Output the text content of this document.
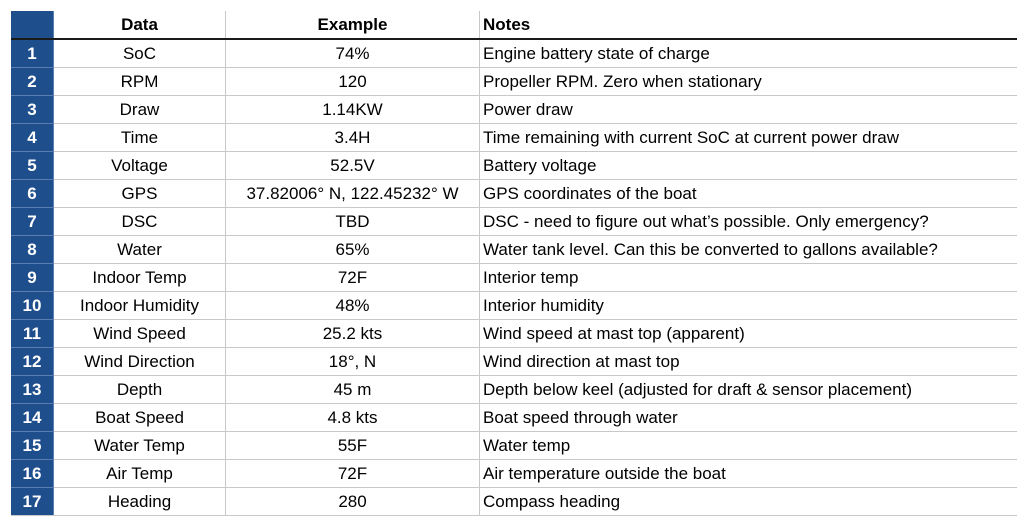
	Data	Example	Notes
1	SoC	74%	Engine battery state of charge
2	RPM	120	Propeller RPM. Zero when stationary
3	Draw	1.14KW	Power draw
4	Time	3.4H	Time remaining with current SoC at current power draw
5	Voltage	52.5V	Battery voltage
6	GPS	37.82006° N, 122.45232° W	GPS coordinates of the boat
7	DSC	TBD	DSC - need to figure out what’s possible. Only emergency?
8	Water	65%	Water tank level. Can this be converted to gallons available?
9	Indoor Temp	72F	Interior temp
10	Indoor Humidity	48%	Interior humidity
11	Wind Speed	25.2 kts	Wind speed at mast top (apparent)
12	Wind Direction	18°, N	Wind direction at mast top
13	Depth	45 m	Depth below keel (adjusted for draft & sensor placement)
14	Boat Speed	4.8 kts	Boat speed through water
15	Water Temp	55F	Water temp
16	Air Temp	72F	Air temperature outside the boat
17	Heading	280	Compass heading
